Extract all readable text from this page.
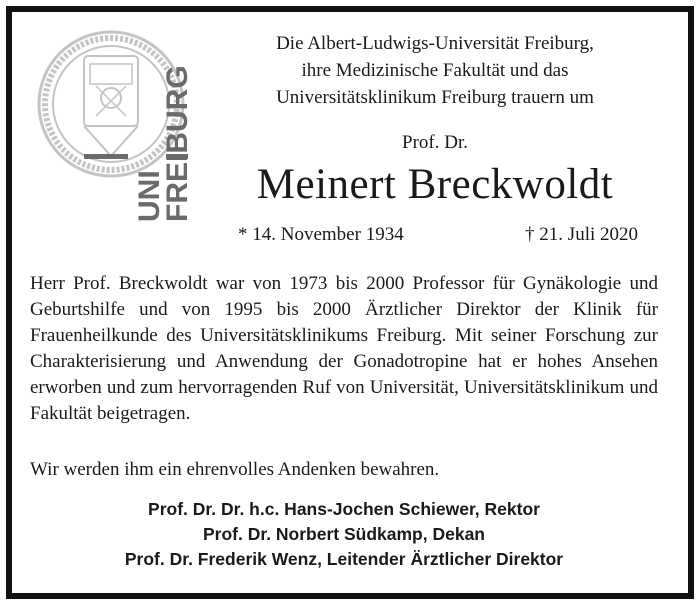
UNI
FREIBURG
Die Albert-Ludwigs-Universität Freiburg,
ihre Medizinische Fakultät und das
Universitätsklinikum Freiburg trauern um
Prof. Dr.
Meinert Breckwoldt
* 14. November 1934	† 21. Juli 2020
Herr Prof. Breckwoldt war von 1973 bis 2000 Professor für Gynäkologie und Geburtshilfe und von 1995 bis 2000 Ärztlicher Direktor der Klinik für Frauenheilkunde des Universitätsklinikums Freiburg. Mit seiner Forschung zur Charakterisierung und Anwendung der Gonadotropine hat er hohes Ansehen erworben und zum hervorragenden Ruf von Universität, Universitätsklinikum und Fakultät beigetragen.
Wir werden ihm ein ehrenvolles Andenken bewahren.
Prof. Dr. Dr. h.c. Hans-Jochen Schiewer, Rektor
Prof. Dr. Norbert Südkamp, Dekan
Prof. Dr. Frederik Wenz, Leitender Ärztlicher Direktor
